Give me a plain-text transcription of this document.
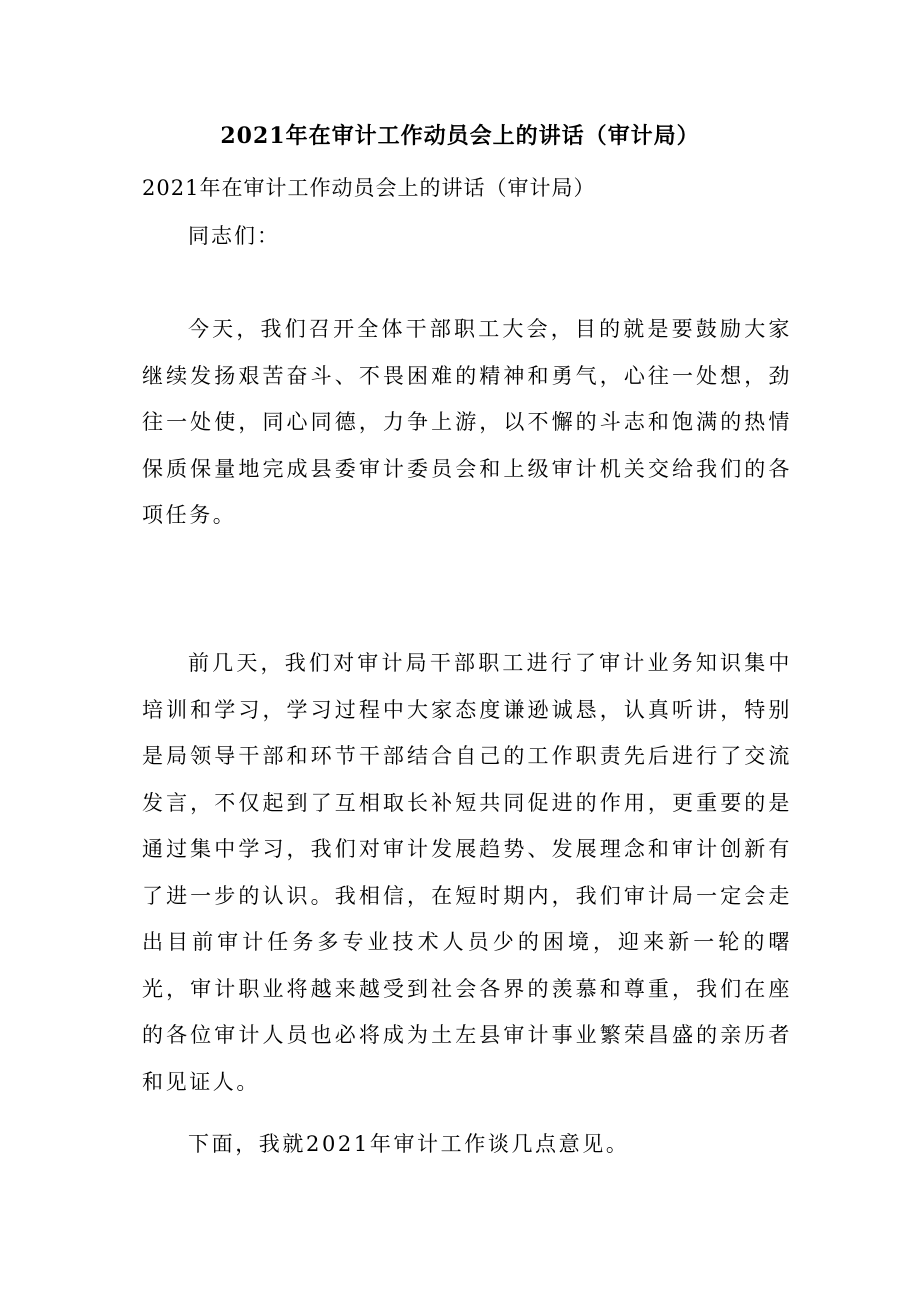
2021年在审计工作动员会上的讲话（审计局）
2021年在审计工作动员会上的讲话（审计局）
同志们：

今天，我们召开全体干部职工大会，目的就是要鼓励大家继续发扬艰苦奋斗、不畏困难的精神和勇气，心往一处想，劲往一处使，同心同德，力争上游，以不懈的斗志和饱满的热情保质保量地完成县委审计委员会和上级审计机关交给我们的各项任务。

前几天，我们对审计局干部职工进行了审计业务知识集中培训和学习，学习过程中大家态度谦逊诚恳，认真听讲，特别是局领导干部和环节干部结合自己的工作职责先后进行了交流发言，不仅起到了互相取长补短共同促进的作用，更重要的是通过集中学习，我们对审计发展趋势、发展理念和审计创新有了进一步的认识。我相信，在短时期内，我们审计局一定会走出目前审计任务多专业技术人员少的困境，迎来新一轮的曙光，审计职业将越来越受到社会各界的羡慕和尊重，我们在座的各位审计人员也必将成为土左县审计事业繁荣昌盛的亲历者和见证人。

下面，我就2021年审计工作谈几点意见。
